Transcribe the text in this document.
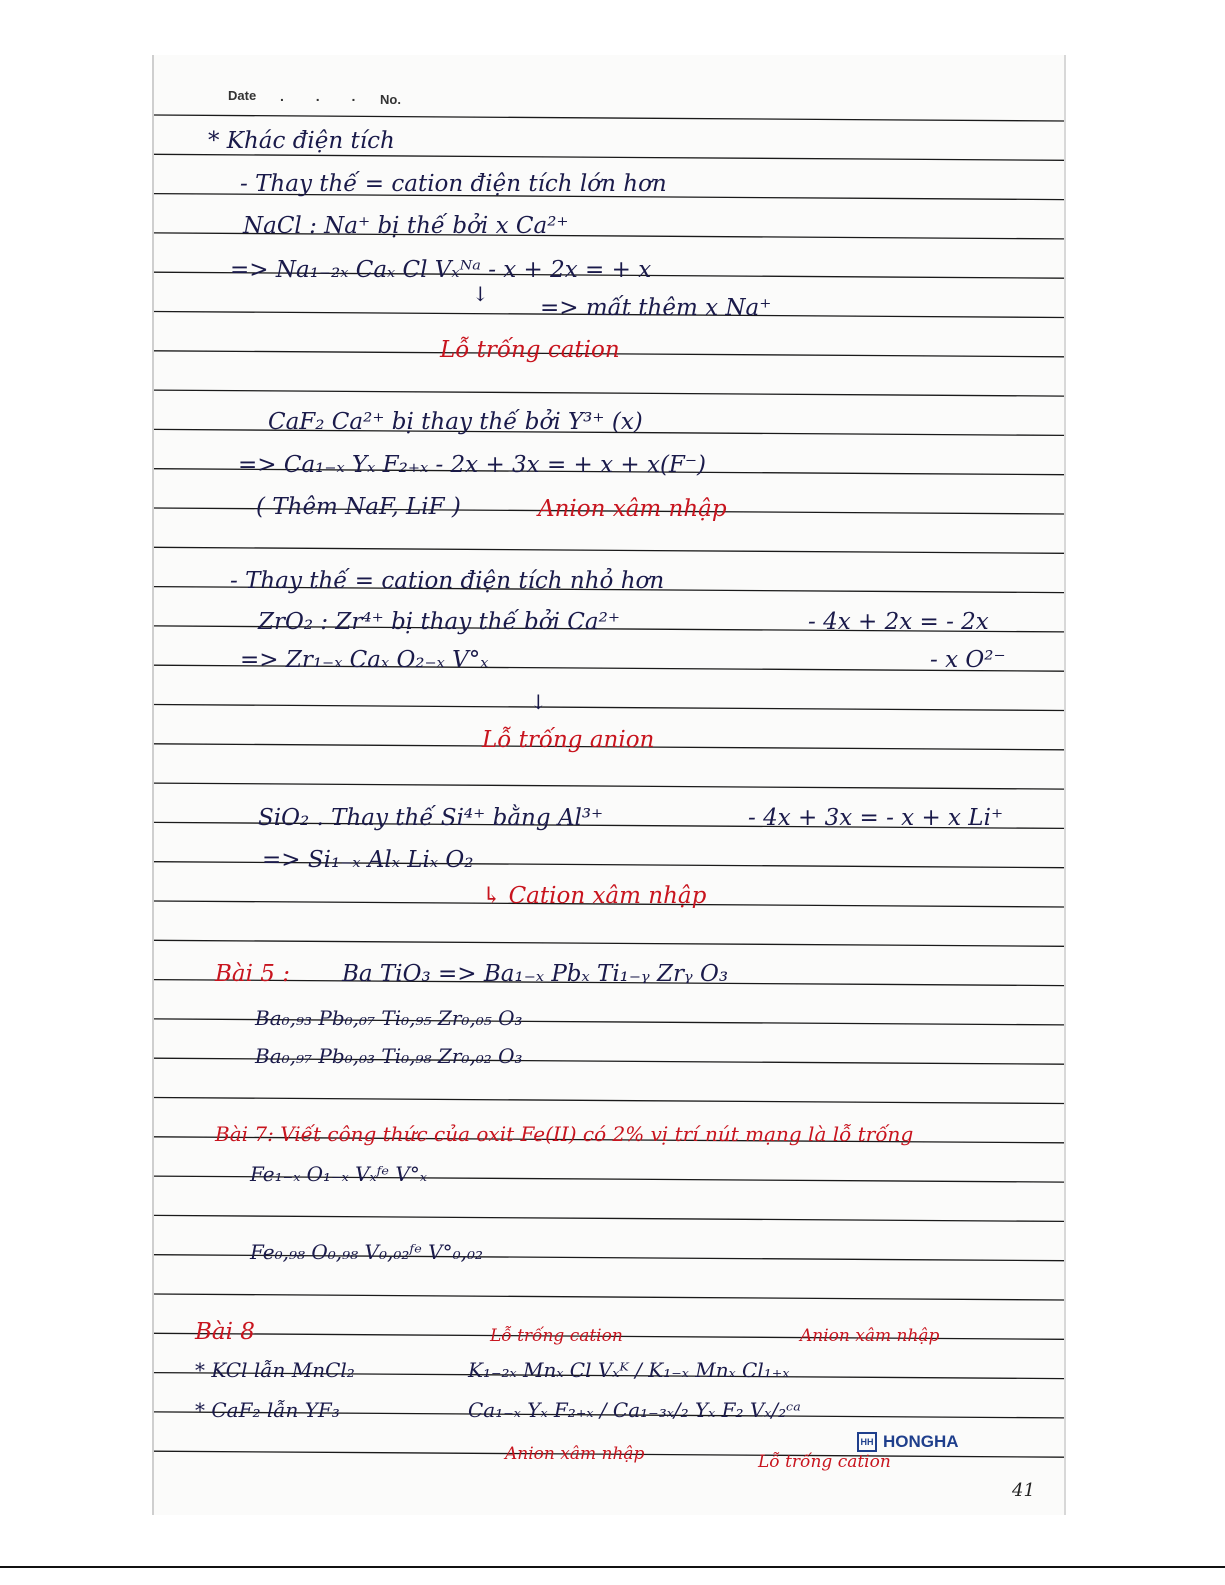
Date . . . No.
* Khác điện tích
- Thay thế = cation điện tích lớn hơn
NaCl : Na⁺ bị thế bởi x Ca²⁺
=> Na₁₋₂ₓ Caₓ Cl Vₓᴺᵃ - x + 2x = + x
↓
=> mất thêm x Na⁺
Lỗ trống cation
CaF₂ Ca²⁺ bị thay thế bởi Y³⁺ (x)
=> Ca₁₋ₓ Yₓ F₂₊ₓ - 2x + 3x = + x + x(F⁻)
( Thêm NaF, LiF )	Anion xâm nhập
- Thay thế = cation điện tích nhỏ hơn
ZrO₂ : Zr⁴⁺ bị thay thế bởi Ca²⁺	- 4x + 2x = - 2x
=> Zr₁₋ₓ Caₓ O₂₋ₓ V°ₓ	- x O²⁻
↓
Lỗ trống anion
SiO₂ . Thay thế Si⁴⁺ bằng Al³⁺	- 4x + 3x = - x + x Li⁺
=> Si₁₋ₓ Alₓ Liₓ O₂
↳ Cation xâm nhập
Bài 5 : Ba TiO₃ => Ba₁₋ₓ Pbₓ Ti₁₋ᵧ Zrᵧ O₃
Ba₀,₉₃ Pb₀,₀₇ Ti₀,₉₅ Zr₀,₀₅ O₃
Ba₀,₉₇ Pb₀,₀₃ Ti₀,₉₈ Zr₀,₀₂ O₃
Bài 7: Viết công thức của oxit Fe(II) có 2% vị trí nút mạng là lỗ trống
Fe₁₋ₓ O₁₋ₓ Vₓᶠᵉ V°ₓ
Fe₀,₉₈ O₀,₉₈ V₀,₀₂ᶠᵉ V°₀,₀₂
Bài 8	Lỗ trống cation	Anion xâm nhập
* KCl lẫn MnCl₂	K₁₋₂ₓ Mnₓ Cl Vₓᴷ / K₁₋ₓ Mnₓ Cl₁₊ₓ
* CaF₂ lẫn YF₃	Ca₁₋ₓ Yₓ F₂₊ₓ / Ca₁₋₃ₓ/₂ Yₓ F₂ Vₓ/₂ᶜᵃ
Anion xâm nhập	Lỗ trống cation
HH HONGHA
41
